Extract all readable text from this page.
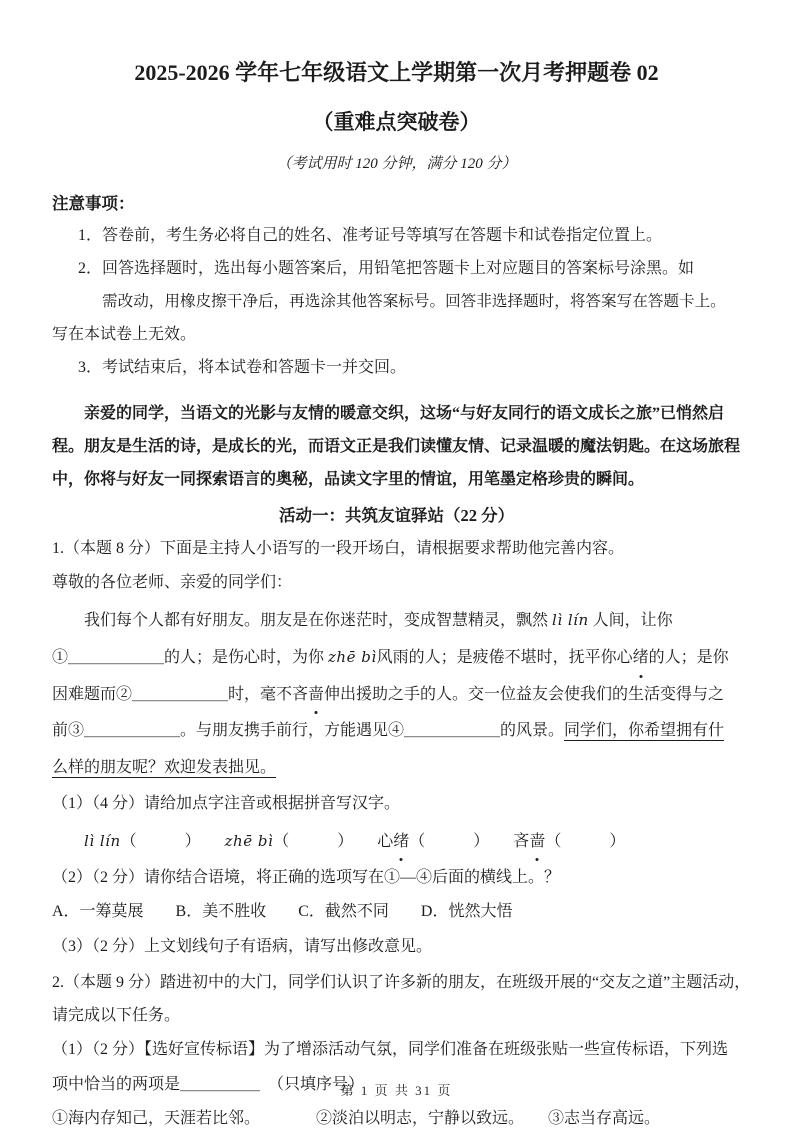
2025-2026 学年七年级语文上学期第一次月考押题卷 02
（重难点突破卷）
（考试用时 120 分钟，满分 120 分）
注意事项：
1．答卷前，考生务必将自己的姓名、准考证号等填写在答题卡和试卷指定位置上。
2．回答选择题时，选出每小题答案后，用铅笔把答题卡上对应题目的答案标号涂黑。如
需改动，用橡皮擦干净后，再选涂其他答案标号。回答非选择题时，将答案写在答题卡上。
写在本试卷上无效。
3．考试结束后，将本试卷和答题卡一并交回。
　　亲爱的同学，当语文的光影与友情的暖意交织，这场“与好友同行的语文成长之旅”已悄然启
程。朋友是生活的诗，是成长的光，而语文正是我们读懂友情、记录温暖的魔法钥匙。在这场旅程
中，你将与好友一同探索语言的奥秘，品读文字里的情谊，用笔墨定格珍贵的瞬间。
活动一：共筑友谊驿站（22 分）
1.（本题 8 分）下面是主持人小语写的一段开场白，请根据要求帮助他完善内容。
尊敬的各位老师、亲爱的同学们：
　　我们每个人都有好朋友。朋友是在你迷茫时，变成智慧精灵，飘然 lì lín 人间，让你
①＿＿＿＿＿＿的人；是伤心时，为你 zhē bì风雨的人；是疲倦不堪时，抚平你心绪的人；是你
因难题而②＿＿＿＿＿＿时，毫不吝啬伸出援助之手的人。交一位益友会使我们的生活变得与之
前③＿＿＿＿＿＿。与朋友携手前行，方能遇见④＿＿＿＿＿＿的风景。同学们，你希望拥有什
么样的朋友呢？欢迎发表拙见。
（1）（4 分）请给加点字注音或根据拼音写汉字。
　　lì lín（　　　）　　zhē bì（　　　）　　心绪（　　　）　　吝啬（　　　）
（2）（2 分）请你结合语境，将正确的选项写在①—④后面的横线上。？
A．一筹莫展　　B．美不胜收　　C．截然不同　　D．恍然大悟
（3）（2 分）上文划线句子有语病，请写出修改意见。
2.（本题 9 分）踏进初中的大门，同学们认识了许多新的朋友，在班级开展的“交友之道”主题活动，
请完成以下任务。
（1）（2 分）【选好宣传标语】为了增添活动气氛，同学们准备在班级张贴一些宣传标语，下列选
项中恰当的两项是＿＿＿＿＿　（只填序号）
①海内存知己，天涯若比邻。　　　　②淡泊以明志，宁静以致远。　　③志当存高远。
第 1 页 共 31 页
